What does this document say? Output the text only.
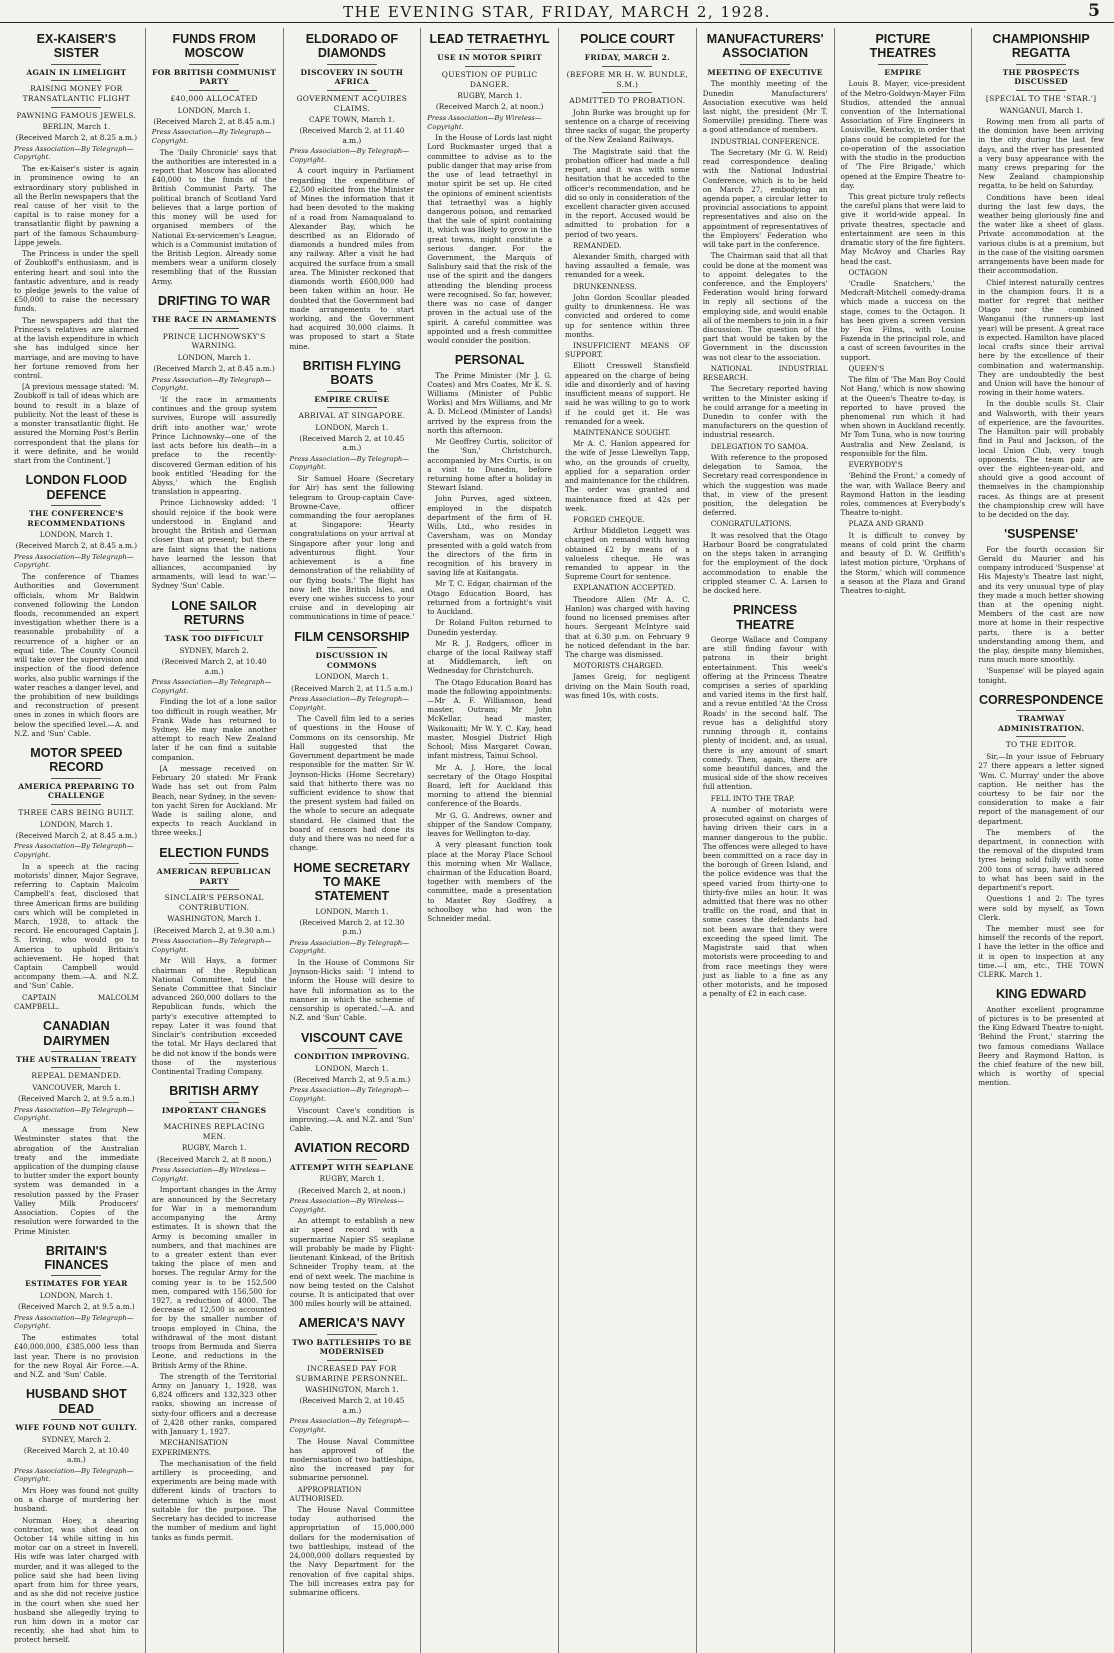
THE EVENING STAR, FRIDAY, MARCH 2, 1928.	5
EX-KAISER'S SISTER
AGAIN IN LIMELIGHT
RAISING MONEY FOR TRANSATLANTIC FLIGHT
PAWNING FAMOUS JEWELS.
BERLIN, March 1.
(Received March 2, at 8.25 a.m.)
Press Association—By Telegraph—Copyright.

The ex-Kaiser's sister is again in prominence owing to an extraordinary story published in all the Berlin newspapers that the real cause of her visit to the capital is to raise money for a transatlantic flight by pawning a part of the famous Schaumburg-Lippe jewels.

The Princess is under the spell of Zoubkoff's enthusiasm, and is entering heart and soul into the fantastic adventure, and is ready to pledge jewels to the value of £50,000 to raise the necessary funds.

The newspapers add that the Princess's relatives are alarmed at the lavish expenditure in which she has indulged since her marriage, and are moving to have her fortune removed from her control.

[A previous message stated: 'M. Zoubkoff is tall of ideas which are bound to result in a blaze of publicity. Not the least of these is a monster transatlantic flight. He assured the Morning Post's Berlin correspondent that the plans for it were definite, and he would start from the Continent.']

LONDON FLOOD DEFENCE
THE CONFERENCE'S RECOMMENDATIONS
LONDON, March 1.
(Received March 2, at 8.45 a.m.)
Press Association—By Telegraph—Copyright.

The conference of Thames Authorities and Government officials, whom Mr Baldwin convened following the London floods, recommended an expert investigation whether there is a reasonable probability of a recurrence of a higher or an equal tide. The County Council will take over the supervision and inspection of the flood defence works, also public warnings if the water reaches a danger level, and the prohibition of new buildings and reconstruction of present ones in zones in which floors are below the specified level.—A. and N.Z. and 'Sun' Cable.

MOTOR SPEED RECORD
AMERICA PREPARING TO CHALLENGE
THREE CARS BEING BUILT.
LONDON, March 1.
(Received March 2, at 8.45 a.m.)
Press Association—By Telegraph—Copyright.

In a speech at the racing motorists' dinner, Major Segrave, referring to Captain Malcolm Campbell's feat, disclosed that three American firms are building cars which will be completed in March, 1928, to attack the record. He encouraged Captain J. S. Irving, who would go to America to uphold Britain's achievement. He hoped that Captain Campbell would accompany them.—A. and N.Z. and 'Sun' Cable.

CAPTAIN MALCOLM CAMPBELL.

CANADIAN DAIRYMEN
THE AUSTRALIAN TREATY
REPEAL DEMANDED.
VANCOUVER, March 1.
(Received March 2, at 9.5 a.m.)
Press Association—By Telegraph—Copyright.

A message from New Westminster states that the abrogation of the Australian treaty and the immediate application of the dumping clause to butter under the export bounty system was demanded in a resolution passed by the Fraser Valley Milk Producers' Association. Copies of the resolution were forwarded to the Prime Minister.

BRITAIN'S FINANCES
ESTIMATES FOR YEAR
LONDON, March 1.
(Received March 2, at 9.5 a.m.)
Press Association—By Telegraph—Copyright.

The estimates total £40,000,000, £385,000 less than last year. There is no provision for the new Royal Air Force.—A. and N.Z. and 'Sun' Cable.

HUSBAND SHOT DEAD
WIFE FOUND NOT GUILTY.
SYDNEY, March 2.
(Received March 2, at 10.40 a.m.)
Press Association—By Telegraph—Copyright.

Mrs Hoey was found not guilty on a charge of murdering her husband.

Norman Hoey, a shearing contractor, was shot dead on October 14 while sitting in his motor car on a street in Inverell. His wife was later charged with murder, and it was alleged to the police said she had been living apart from him for three years, and as she did not receive justice in the court when she sued her husband she allegedly trying to run him down in a motor car recently, she had shot him to protect herself.

FUNDS FROM MOSCOW
FOR BRITISH COMMUNIST PARTY
£40,000 ALLOCATED
LONDON, March 1.
(Received March 2, at 8.45 a.m.)
Press Association—By Telegraph—Copyright.

The 'Daily Chronicle' says that the authorities are interested in a report that Moscow has allocated £40,000 to the funds of the British Communist Party. The political branch of Scotland Yard believes that a large portion of this money will be used for organised members of the National Ex-servicemen's League, which is a Communist imitation of the British Legion. Already some members wear a uniform closely resembling that of the Russian Army.

DRIFTING TO WAR
THE RACE IN ARMAMENTS
PRINCE LICHNOWSKY'S WARNING.
LONDON, March 1.
(Received March 2, at 8.45 a.m.)
Press Association—By Telegraph—Copyright.

'If the race in armaments continues and the group system survives, Europe will assuredly drift into another war,' wrote Prince Lichnowsky—one of the last acts before his death—in a preface to the recently-discovered German edition of his book entitled 'Heading for the Abyss,' which the English translation is appearing.

Prince Lichnowsky added: 'I should rejoice if the book were understood in England and brought the British and German closer than at present; but there are faint signs that the nations have learned the lesson that alliances, accompanied by armaments, will lead to war.'—Sydney 'Sun' Cable.

LONE SAILOR RETURNS
TASK TOO DIFFICULT
SYDNEY, March 2.
(Received March 2, at 10.40 a.m.)
Press Association—By Telegraph—Copyright.

Finding the lot of a lone sailor too difficult in rough weather, Mr Frank Wade has returned to Sydney. He may make another attempt to reach New Zealand later if he can find a suitable companion.

[A message received on February 20 stated: Mr Frank Wade has set out from Palm Beach, near Sydney, in the seven-ton yacht Siren for Auckland. Mr Wade is sailing alone, and expects to reach Auckland in three weeks.]

ELECTION FUNDS
AMERICAN REPUBLICAN PARTY
SINCLAIR'S PERSONAL CONTRIBUTION.
WASHINGTON, March 1.
(Received March 2, at 9.30 a.m.)
Press Association—By Telegraph—Copyright.

Mr Will Hays, a former chairman of the Republican National Committee, told the Senate Committee that Sinclair advanced 260,000 dollars to the Republican funds, which the party's executive attempted to repay. Later it was found that Sinclair's contribution exceeded the total. Mr Hays declared that he did not know if the bonds were those of the mysterious Continental Trading Company.

BRITISH ARMY
IMPORTANT CHANGES
MACHINES REPLACING MEN.
RUGBY, March 1.
(Received March 2, at 8 noon.)
Press Association—By Wireless—Copyright.

Important changes in the Army are announced by the Secretary for War in a memorandum accompanying the Army estimates. It is shown that the Army is becoming smaller in numbers, and that machines are to a greater extent than ever taking the place of men and horses. The regular Army for the coming year is to be 152,500 men, compared with 156,500 for 1927, a reduction of 4000. The decrease of 12,500 is accounted for by the smaller number of troops employed in China, the withdrawal of the most distant troops from Bermuda and Sierra Leone, and reductions in the British Army of the Rhine.

The strength of the Territorial Army on January 1, 1928, was 6,824 officers and 132,323 other ranks, showing an increase of sixty-four officers and a decrease of 2,428 other ranks, compared with January 1, 1927.

MECHANISATION EXPERIMENTS.

The mechanisation of the field artillery is proceeding, and experiments are being made with different kinds of tractors to determine which is the most suitable for the purpose. The Secretary has decided to increase the number of medium and light tanks as funds permit.

ELDORADO OF DIAMONDS
DISCOVERY IN SOUTH AFRICA
GOVERNMENT ACQUIRES CLAIMS.
CAPE TOWN, March 1.
(Received March 2, at 11.40 a.m.)
Press Association—By Telegraph—Copyright.

A court inquiry in Parliament regarding the expenditure of £2,500 elicited from the Minister of Mines the information that it had been devoted to the making of a road from Namaqualand to Alexander Bay, which he described as an Eldorado of diamonds a hundred miles from any railway. After a visit he had acquired the surface from a small area. The Minister reckoned that diamonds worth £600,000 had been taken within an hour. He doubted that the Government had made arrangements to start working, and the Government had acquired 30,000 claims. It was proposed to start a State mine.

BRITISH FLYING BOATS
EMPIRE CRUISE
ARRIVAL AT SINGAPORE.
LONDON, March 1.
(Received March 2, at 10.45 a.m.)
Press Association—By Telegraph—Copyright.

Sir Samuel Hoare (Secretary for Air) has sent the following telegram to Group-captain Cave-Browne-Cave, officer commanding the four aeroplanes at Singapore: 'Hearty congratulations on your arrival at Singapore after your long and adventurous flight. Your achievement is a fine demonstration of the reliability of our flying boats.' The flight has now left the British Isles, and every one wishes success to your cruise and in developing air communications in time of peace.'

FILM CENSORSHIP
DISCUSSION IN COMMONS
LONDON, March 1.
(Received March 2, at 11.5 a.m.)
Press Association—By Telegraph—Copyright.

The Cavell film led to a series of questions in the House of Commons on its censorship. Mr Hall suggested that the Government department be made responsible for the matter. Sir W. Joynson-Hicks (Home Secretary) said that hitherto there was no sufficient evidence to show that the present system had failed on the whole to secure an adequate standard. He claimed that the board of censors had done its duty and there was no need for a change.

HOME SECRETARY TO MAKE STATEMENT
LONDON, March 1.
(Received March 2, at 12.30 p.m.)
Press Association—By Telegraph—Copyright.

In the House of Commons Sir Joynson-Hicks said: 'I intend to inform the House will desire to have full information as to the manner in which the scheme of censorship is operated.'—A. and N.Z. and 'Sun' Cable.

VISCOUNT CAVE
CONDITION IMPROVING.
LONDON, March 1.
(Received March 2, at 9.5 a.m.)
Press Association—By Telegraph—Copyright.

Viscount Cave's condition is improving.—A. and N.Z. and 'Sun' Cable.

AVIATION RECORD
ATTEMPT WITH SEAPLANE
RUGBY, March 1.
(Received March 2, at noon.)
Press Association—By Wireless—Copyright.

An attempt to establish a new air speed record with a supermarine Napier S5 seaplane will probably be made by Flight-lieutenant Kinkead, of the British Schneider Trophy team, at the end of next week. The machine is now being tested on the Calshot course. It is anticipated that over 300 miles hourly will be attained.

AMERICA'S NAVY
TWO BATTLESHIPS TO BE MODERNISED
INCREASED PAY FOR SUBMARINE PERSONNEL.
WASHINGTON, March 1.
(Received March 2, at 10.45 a.m.)
Press Association—By Telegraph—Copyright.

The House Naval Committee has approved of the modernisation of two battleships, also the increased pay for submarine personnel.

APPROPRIATION AUTHORISED.

The House Naval Committee today authorised the appropriation of 15,000,000 dollars for the modernisation of two battleships, instead of the 24,000,000 dollars requested by the Navy Department for the renovation of five capital ships. The bill increases extra pay for submarine officers.

LEAD TETRAETHYL
USE IN MOTOR SPIRIT
QUESTION OF PUBLIC DANGER.
RUGBY, March 1.
(Received March 2, at noon.)
Press Association—By Wireless—Copyright.

In the House of Lords last night Lord Buckmaster urged that a committee to advise as to the public danger that may arise from the use of lead tetraethyl in motor spirit be set up. He cited the opinions of eminent scientists that tetraethyl was a highly dangerous poison, and remarked that the sale of spirit containing it, which was likely to grow in the great towns, might constitute a serious danger. For the Government, the Marquis of Salisbury said that the risk of the use of the spirit and the dangers attending the blending process were recognised. So far, however, there was no case of danger proven in the actual use of the spirit. A careful committee was appointed and a fresh committee would consider the position.

PERSONAL

The Prime Minister (Mr J. G. Coates) and Mrs Coates, Mr K. S. Williams (Minister of Public Works) and Mrs Williams, and Mr A. D. McLeod (Minister of Lands) arrived by the express from the north this afternoon.

Mr Geoffrey Curtis, solicitor of the 'Sun,' Christchurch, accompanied by Mrs Curtis, is on a visit to Dunedin, before returning home after a holiday in Stewart Island.

John Purves, aged sixteen, employed in the dispatch department of the firm of H. Wills, Ltd., who resides in Caversham, was on Monday presented with a gold watch from the directors of the firm in recognition of his bravery in saving life at Kaitangata.

Mr T. C. Edgar, chairman of the Otago Education Board, has returned from a fortnight's visit to Auckland.

Dr Roland Fulton returned to Dunedin yesterday.

Mr R. J. Rodgers, officer in charge of the local Railway staff at Middlemarch, left on Wednesday for Christchurch.

The Otago Education Board has made the following appointments:—Mr A. F. Williamson, head master, Outram; Mr John McKellar, head master, Waikouaiti; Mr W. Y. C. Kay, head master, Mosgiel District High School; Miss Margaret Cowan, infant mistress, Tainui School.

Mr A. J. Hore, the local secretary of the Otago Hospital Board, left for Auckland this morning to attend the biennial conference of the Boards.

Mr G. G. Andrews, owner and shipper of the Sandow Company, leaves for Wellington to-day.

A very pleasant function took place at the Moray Place School this morning when Mr Wallace, chairman of the Education Board, together with members of the committee, made a presentation to Master Roy Godfrey, a schoolboy who had won the Schneider medal.

POLICE COURT
FRIDAY, MARCH 2.
(BEFORE MR H. W. BUNDLE, S.M.)
ADMITTED TO PROBATION.

John Burke was brought up for sentence on a charge of receiving three sacks of sugar, the property of the New Zealand Railways.

The Magistrate said that the probation officer had made a full report, and it was with some hesitation that he acceded to the officer's recommendation, and he did so only in consideration of the excellent character given accused in the report. Accused would be admitted to probation for a period of two years.

REMANDED.

Alexander Smith, charged with having assaulted a female, was remanded for a week.

DRUNKENNESS.

John Gordon Scoullar pleaded guilty to drunkenness. He was convicted and ordered to come up for sentence within three months.

INSUFFICIENT MEANS OF SUPPORT.

Elliott Cresswell Stansfield appeared on the charge of being idle and disorderly and of having insufficient means of support. He said he was willing to go to work if he could get it. He was remanded for a week.

MAINTENANCE SOUGHT.

Mr A. C. Hanlon appeared for the wife of Jesse Llewellyn Tapp, who, on the grounds of cruelty, applied for a separation order and maintenance for the children. The order was granted and maintenance fixed at 42s per week.

FORGED CHEQUE.

Arthur Middleton Leggett was charged on remand with having obtained £2 by means of a valueless cheque. He was remanded to appear in the Supreme Court for sentence.

EXPLANATION ACCEPTED.

Theodore Allen (Mr A. C. Hanlon) was charged with having found no licensed premises after hours. Sergeant McIntyre said that at 6.30 p.m. on February 9 he noticed defendant in the bar. The charge was dismissed.

MOTORISTS CHARGED.

James Greig, for negligent driving on the Main South road, was fined 10s, with costs.

MANUFACTURERS' ASSOCIATION
MEETING OF EXECUTIVE

The monthly meeting of the Dunedin Manufacturers' Association executive was held last night, the president (Mr T. Somerville) presiding. There was a good attendance of members.

INDUSTRIAL CONFERENCE.

The Secretary (Mr G. W. Reid) read correspondence dealing with the National Industrial Conference, which is to be held on March 27, embodying an agenda paper, a circular letter to provincial associations to appoint representatives and also on the appointment of representatives of the Employers' Federation who will take part in the conference.

The Chairman said that all that could be done at the moment was to appoint delegates to the conference, and the Employers' Federation would bring forward in reply all sections of the employing side, and would enable all of the members to join in a fair discussion. The question of the part that would be taken by the Government in the discussion was not clear to the association.

NATIONAL INDUSTRIAL RESEARCH.

The Secretary reported having written to the Minister asking if he could arrange for a meeting in Dunedin to confer with the manufacturers on the question of industrial research.

DELEGATION TO SAMOA.

With reference to the proposed delegation to Samoa, the Secretary read correspondence in which the suggestion was made that, in view of the present position, the delegation be deferred.

CONGRATULATIONS.

It was resolved that the Otago Harbour Board be congratulated on the steps taken in arranging for the employment of the dock accommodation to enable the crippled steamer C. A. Larsen to be docked here.

PRINCESS THEATRE

George Wallace and Company are still finding favour with patrons in their bright entertainment. This week's offering at the Princess Theatre comprises a series of sparkling and varied items in the first half, and a revue entitled 'At the Cross Roads' in the second half. The revue has a delightful story running through it, contains plenty of incident, and, as usual, there is any amount of smart comedy. Then, again, there are some beautiful dances, and the musical side of the show receives full attention.

FELL INTO THE TRAP.

A number of motorists were prosecuted against on charges of having driven their cars in a manner dangerous to the public. The offences were alleged to have been committed on a race day in the borough of Green Island, and the police evidence was that the speed varied from thirty-one to thirty-five miles an hour. It was admitted that there was no other traffic on the road, and that in some cases the defendants had not been aware that they were exceeding the speed limit. The Magistrate said that when motorists were proceeding to and from race meetings they were just as liable to a fine as any other motorists, and he imposed a penalty of £2 in each case.

PICTURE THEATRES
EMPIRE

Louis B. Mayer, vice-president of the Metro-Goldwyn-Mayer Film Studios, attended the annual convention of the International Association of Fire Engineers in Louisville, Kentucky, in order that plans could be completed for the co-operation of the association with the studio in the production of 'The Fire Brigade,' which opened at the Empire Theatre to-day.

This great picture truly reflects the careful plans that were laid to give it world-wide appeal. In private theatres, spectacle and entertainment are seen in this dramatic story of the fire fighters. May McAvoy and Charles Ray head the cast.

OCTAGON

'Cradle Snatchers,' the Medcraft-Mitchell comedy-drama which made a success on the stage, comes to the Octagon. It has been given a screen version by Fox Films, with Louise Fazenda in the principal role, and a cast of screen favourites in the support.

QUEEN'S

The film of 'The Man Boy Could Not Hang,' which is now showing at the Queen's Theatre to-day, is reported to have proved the phenomenal run which it had when shown in Auckland recently. Mr Tom Tuna, who is now touring Australia and New Zealand, is responsible for the film.

EVERYBODY'S

'Behind the Front,' a comedy of the war, with Wallace Beery and Raymond Hatton in the leading roles, commences at Everybody's Theatre to-night.

PLAZA AND GRAND

It is difficult to convey by means of cold print the charm and beauty of D. W. Griffith's latest motion picture, 'Orphans of the Storm,' which will commence a season at the Plaza and Grand Theatres to-night.

CHAMPIONSHIP REGATTA
THE PROSPECTS DISCUSSED
[SPECIAL TO THE 'STAR.']
WANGANUI, March 1.

Rowing men from all parts of the dominion have been arriving in the city during the last few days, and the river has presented a very busy appearance with the many crews preparing for the New Zealand championship regatta, to be held on Saturday.

Conditions have been ideal during the last few days, the weather being gloriously fine and the water like a sheet of glass. Private accommodation at the various clubs is at a premium, but in the case of the visiting oarsmen arrangements have been made for their accommodation.

Chief interest naturally centres in the champion fours. It is a matter for regret that neither Otago nor the combined Wanganui (the runners-up last year) will be present. A great race is expected. Hamilton have placed local crafts since their arrival here by the excellence of their combination and watermanship. They are undoubtedly the best and Union will have the honour of rowing in their home waters.

In the double sculls St. Clair and Walsworth, with their years of experience, are the favourites. The Hamilton pair will probably find in Paul and Jackson, of the local Union Club, very tough opponents. The team pair are over the eighteen-year-old, and should give a good account of themselves in the championship races. As things are at present the championship crew will have to be decided on the day.

'SUSPENSE'

For the fourth occasion Sir Gerald du Maurier and his company introduced 'Suspense' at His Majesty's Theatre last night, and its very unusual type of play they made a much better showing than at the opening night. Members of the cast are now more at home in their respective parts, there is a better understanding among them, and the play, despite many blemishes, runs much more smoothly.

'Suspense' will be played again tonight.

CORRESPONDENCE
TRAMWAY ADMINISTRATION.
TO THE EDITOR.

Sir,—In your issue of February 27 there appears a letter signed 'Wm. C. Murray' under the above caption. He neither has the courtesy to be fair nor the consideration to make a fair report of the management of our department.

The members of the department, in connection with the removal of the disputed tram tyres being sold fully with some 200 tons of scrap, have adhered to what has been said in the department's report.

Questions 1 and 2: The tyres were sold by myself, as Town Clerk.

The member must see for himself the records of the report. I have the letter in the office and it is open to inspection at any time.—I am, etc., THE TOWN CLERK. March 1.

KING EDWARD

Another excellent programme of pictures is to be presented at the King Edward Theatre to-night. 'Behind the Front,' starring the two famous comedians Wallace Beery and Raymond Hatton, is the chief feature of the new bill, which is worthy of special mention.
